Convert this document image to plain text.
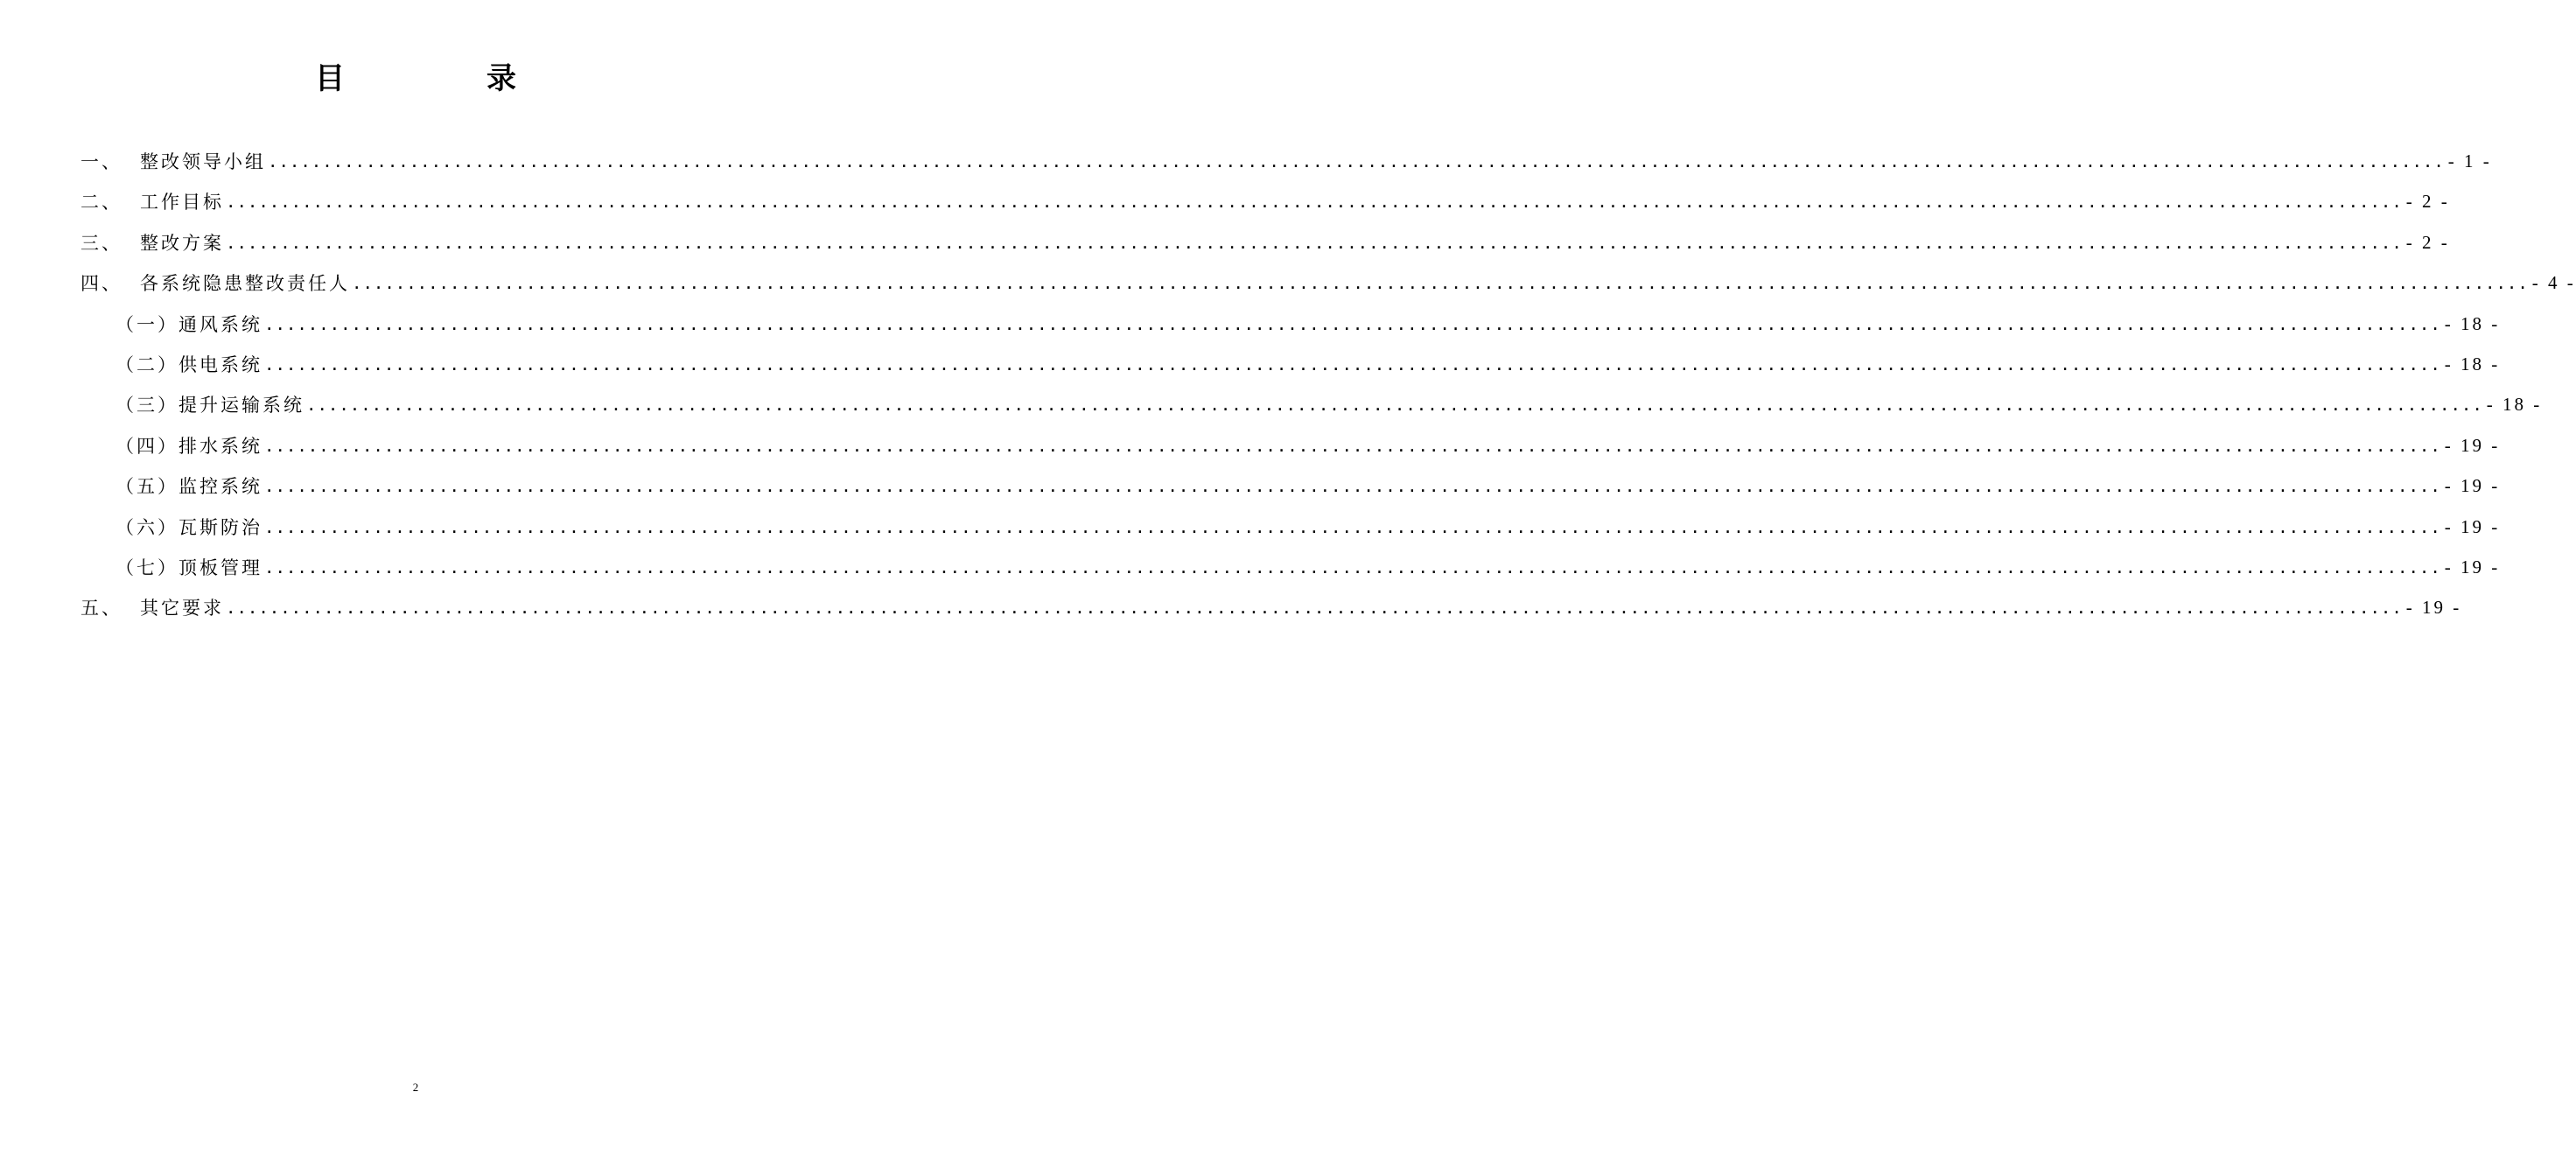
目　录
一、 整改领导小组 ........................................................................................................................................................................................................ - 1 -
二、 工作目标 ........................................................................................................................................................................................................ - 2 -
三、 整改方案 ........................................................................................................................................................................................................ - 2 -
四、 各系统隐患整改责任人 ........................................................................................................................................................................................................ - 4 -
（一） 通风系统 ........................................................................................................................................................................................................ - 18 -
（二） 供电系统 ........................................................................................................................................................................................................ - 18 -
（三） 提升运输系统 ........................................................................................................................................................................................................ - 18 -
（四） 排水系统 ........................................................................................................................................................................................................ - 19 -
（五） 监控系统 ........................................................................................................................................................................................................ - 19 -
（六） 瓦斯防治 ........................................................................................................................................................................................................ - 19 -
（七） 顶板管理 ........................................................................................................................................................................................................ - 19 -
五、 其它要求 ........................................................................................................................................................................................................ - 19 -
2
